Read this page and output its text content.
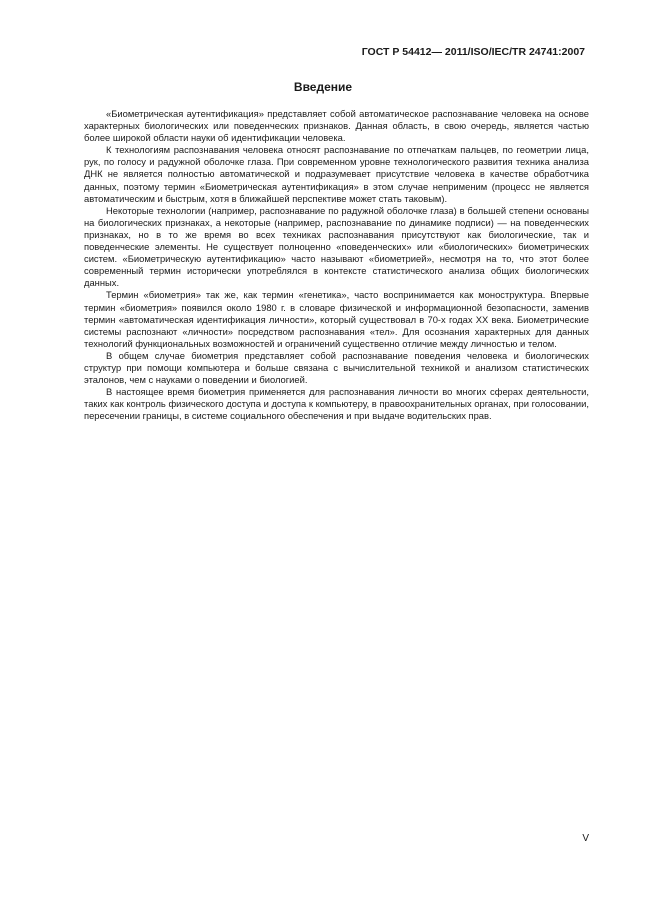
ГОСТ Р 54412— 2011/ISO/IEC/TR 24741:2007
Введение

«Биометрическая аутентификация» представляет собой автоматическое распознавание человека на основе характерных биологических или поведенческих признаков. Данная область, в свою очередь, является частью более широкой области науки об идентификации человека.

К технологиям распознавания человека относят распознавание по отпечаткам пальцев, по геометрии лица, рук, по голосу и радужной оболочке глаза. При современном уровне технологического развития техника анализа ДНК не является полностью автоматической и подразумевает присутствие человека в качестве обработчика данных, поэтому термин «Биометрическая аутентификация» в этом случае неприменим (процесс не является автоматическим и быстрым, хотя в ближайшей перспективе может стать таковым).

Некоторые технологии (например, распознавание по радужной оболочке глаза) в большей степени основаны на биологических признаках, а некоторые (например, распознавание по динамике подписи) — на поведенческих признаках, но в то же время во всех техниках распознавания присутствуют как биологические, так и поведенческие элементы. Не существует полноценно «поведенческих» или «биологических» биометрических систем. «Биометрическую аутентификацию» часто называют «биометрией», несмотря на то, что этот более современный термин исторически употреблялся в контексте статистического анализа общих биологических данных.

Термин «биометрия» так же, как термин «генетика», часто воспринимается как моноструктура. Впервые термин «биометрия» появился около 1980 г. в словаре физической и информационной безопасности, заменив термин «автоматическая идентификация личности», который существовал в 70-х годах XX века. Биометрические системы распознают «личности» посредством распознавания «тел». Для осознания характерных для данных технологий функциональных возможностей и ограничений существенно отличие между личностью и телом.

В общем случае биометрия представляет собой распознавание поведения человека и биологических структур при помощи компьютера и больше связана с вычислительной техникой и анализом статистических эталонов, чем с науками о поведении и биологией.

В настоящее время биометрия применяется для распознавания личности во многих сферах деятельности, таких как контроль физического доступа и доступа к компьютеру, в правоохранительных органах, при голосовании, пересечении границы, в системе социального обеспечения и при выдаче водительских прав.

V
